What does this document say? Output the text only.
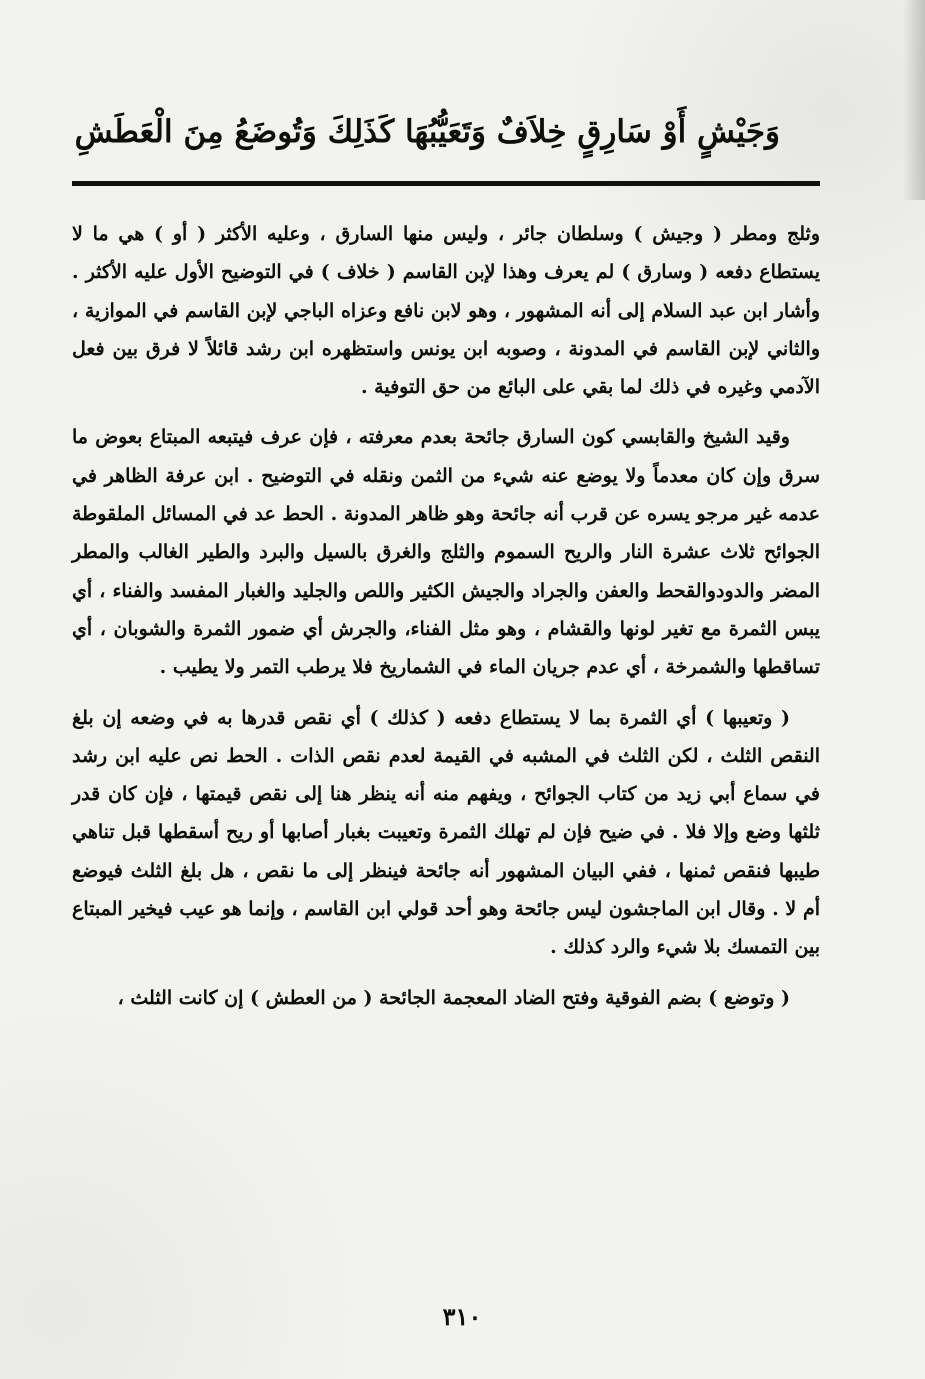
وَجَيْشٍ أَوْ سَارِقٍ خِلاَفٌ وَتَعَيُّبُهَا كَذَلِكَ وَتُوضَعُ مِنَ الْعَطَشِ

وثلج ومطر ( وجيش ) وسلطان جائر ، وليس منها السارق ، وعليه الأكثر ( أو ) هي ما لا يستطاع دفعه ( وسارق ) لم يعرف وهذا لإبن القاسم ( خلاف ) في التوضيح الأول عليه الأكثر . وأشار ابن عبد السلام إلى أنه المشهور ، وهو لابن نافع وعزاه الباجي لإبن القاسم في الموازية ، والثاني لإبن القاسم في المدونة ، وصوبه ابن يونس واستظهره ابن رشد قائلاً لا فرق بين فعل الآدمي وغيره في ذلك لما بقي على البائع من حق التوفية .

وقيد الشيخ والقابسي كون السارق جائحة بعدم معرفته ، فإن عرف فيتبعه المبتاع بعوض ما سرق وإن كان معدماً ولا يوضع عنه شيء من الثمن ونقله في التوضيح . ابن عرفة الظاهر في عدمه غير مرجو يسره عن قرب أنه جائحة وهو ظاهر المدونة . الحط عد في المسائل الملقوطة الجوائح ثلاث عشرة النار والريح السموم والثلج والغرق بالسيل والبرد والطير الغالب والمطر المضر والدودوالقحط والعفن والجراد والجيش الكثير واللص والجليد والغبار المفسد والفناء ، أي يبس الثمرة مع تغير لونها والقشام ، وهو مثل الفناء، والجرش أي ضمور الثمرة والشوبان ، أي تساقطها والشمرخة ، أي عدم جريان الماء في الشماريخ فلا يرطب التمر ولا يطيب .

( وتعيبها ) أي الثمرة بما لا يستطاع دفعه ( كذلك ) أي نقص قدرها به في وضعه إن بلغ النقص الثلث ، لكن الثلث في المشبه في القيمة لعدم نقص الذات . الحط نص عليه ابن رشد في سماع أبي زيد من كتاب الجوائح ، ويفهم منه أنه ينظر هنا إلى نقص قيمتها ، فإن كان قدر ثلثها وضع وإلا فلا . في ضيح فإن لم تهلك الثمرة وتعيبت بغبار أصابها أو ريح أسقطها قبل تناهي طيبها فنقص ثمنها ، ففي البيان المشهور أنه جائحة فينظر إلى ما نقص ، هل بلغ الثلث فيوضع أم لا . وقال ابن الماجشون ليس جائحة وهو أحد قولي ابن القاسم ، وإنما هو عيب فيخير المبتاع بين التمسك بلا شيء والرد كذلك .

( وتوضع ) بضم الفوقية وفتح الضاد المعجمة الجائحة ( من العطش ) إن كانت الثلث ،

٣١٠
